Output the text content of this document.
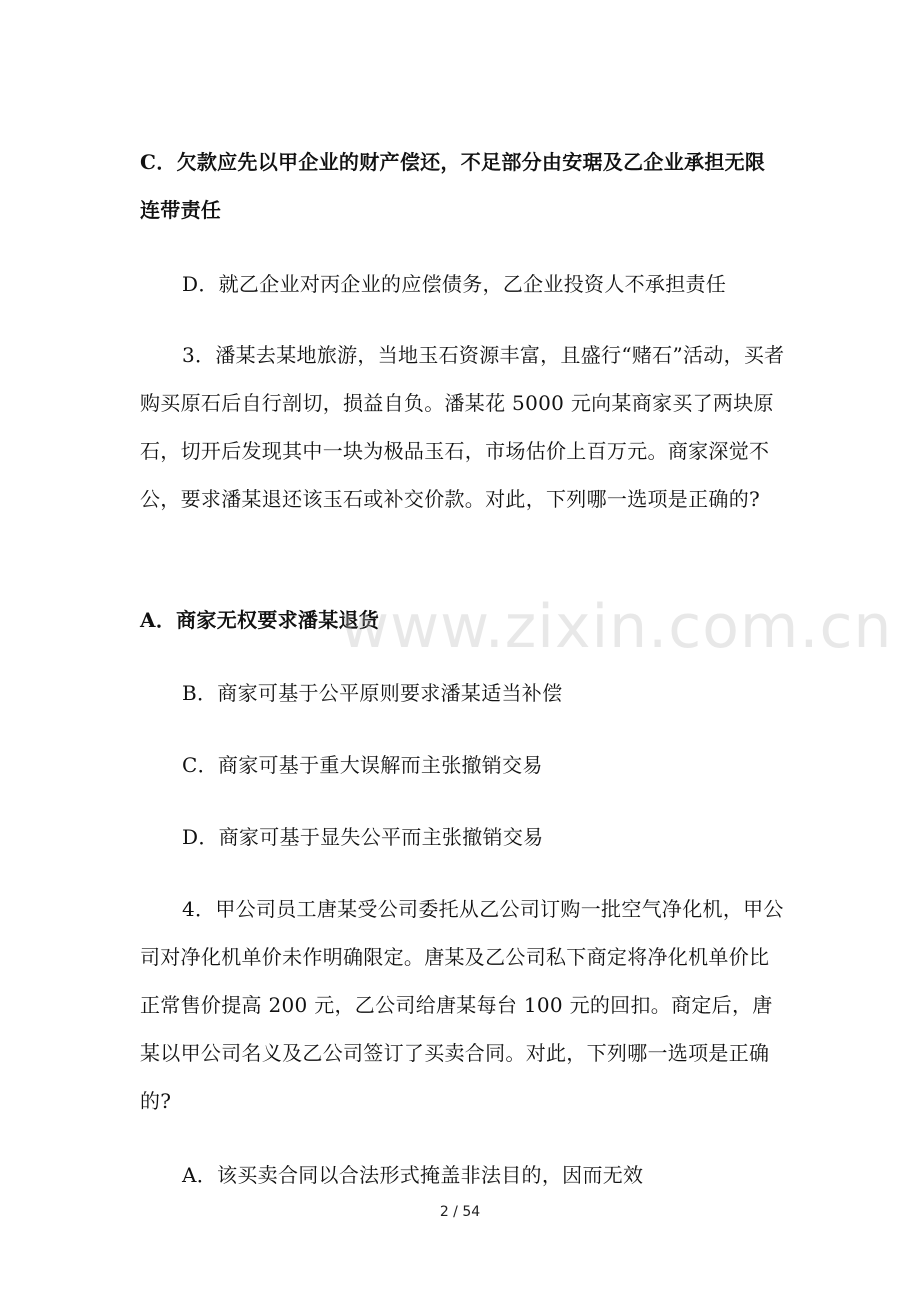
C．欠款应先以甲企业的财产偿还，不足部分由安琚及乙企业承担无限连带责任

D．就乙企业对丙企业的应偿债务，乙企业投资人不承担责任

3．潘某去某地旅游，当地玉石资源丰富，且盛行“赌石”活动，买者购买原石后自行剖切，损益自负。潘某花 5000 元向某商家买了两块原石，切开后发现其中一块为极品玉石，市场估价上百万元。商家深觉不公，要求潘某退还该玉石或补交价款。对此，下列哪一选项是正确的?

A．商家无权要求潘某退货

B．商家可基于公平原则要求潘某适当补偿

C．商家可基于重大误解而主张撤销交易

D．商家可基于显失公平而主张撤销交易

4．甲公司员工唐某受公司委托从乙公司订购一批空气净化机，甲公司对净化机单价未作明确限定。唐某及乙公司私下商定将净化机单价比正常售价提高 200 元，乙公司给唐某每台 100 元的回扣。商定后，唐某以甲公司名义及乙公司签订了买卖合同。对此，下列哪一选项是正确的?

A．该买卖合同以合法形式掩盖非法目的，因而无效

www.zixin.com.cn
2 / 54
